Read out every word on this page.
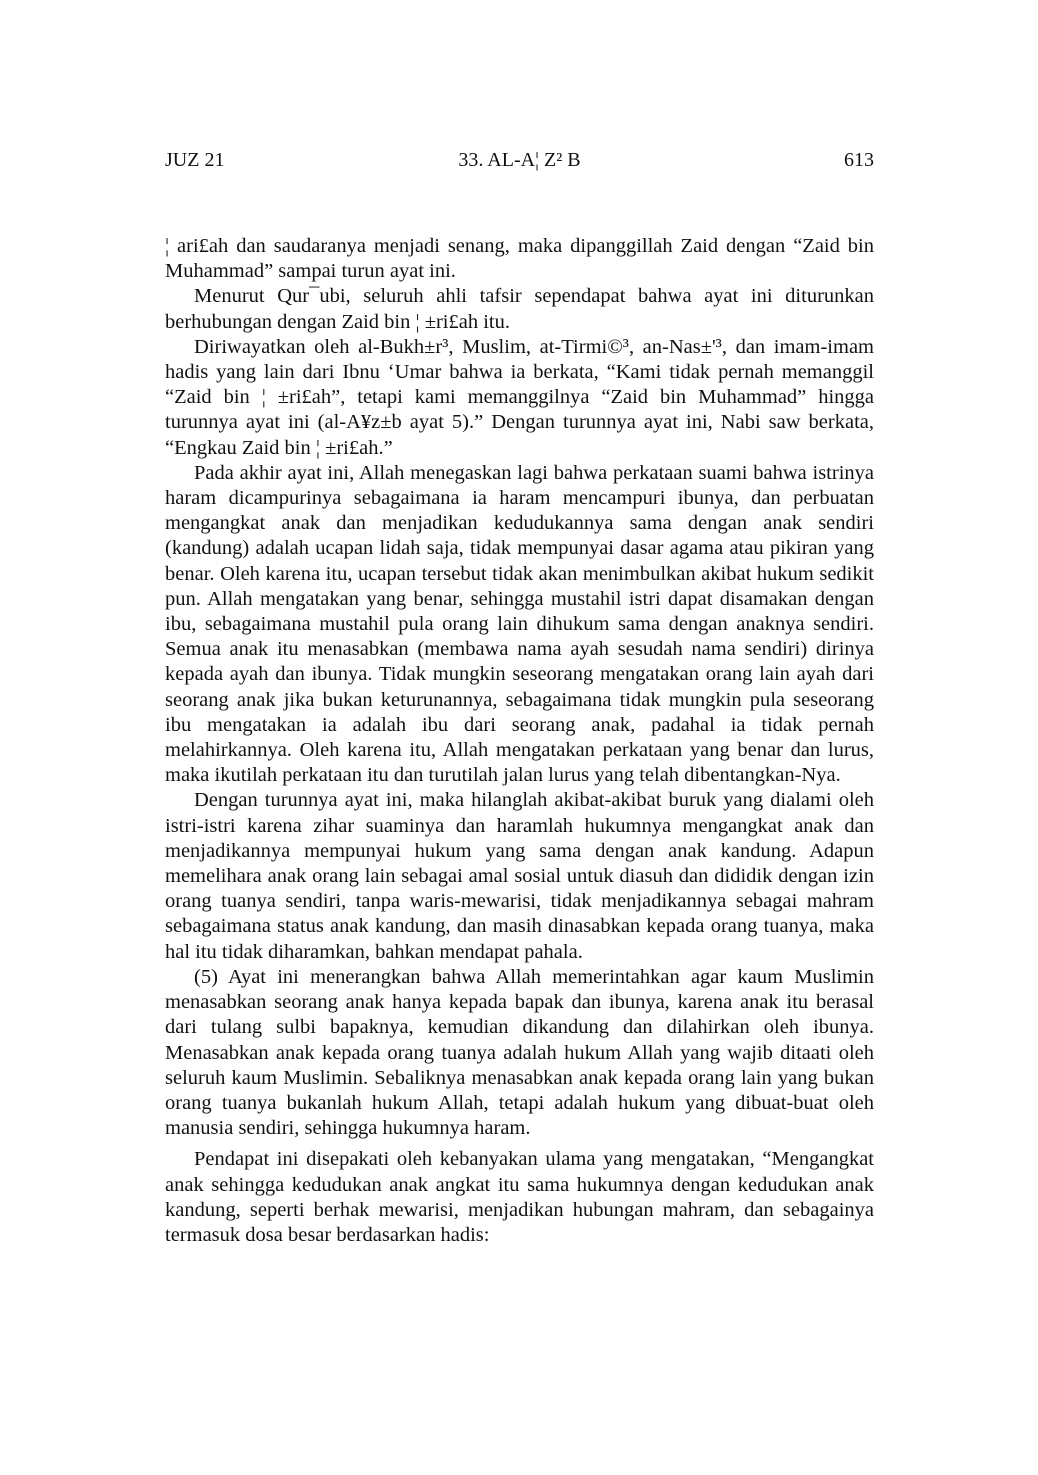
JUZ 21	33. AL-A¦ Z² B	613

¦ ari£ah dan saudaranya menjadi senang, maka dipanggillah Zaid dengan “Zaid bin Muhammad” sampai turun ayat ini.

Menurut Qur¯ubi, seluruh ahli tafsir sependapat bahwa ayat ini diturunkan berhubungan dengan Zaid bin ¦ ±ri£ah itu.

Diriwayatkan oleh al-Bukh±r³, Muslim, at-Tirmi©³, an-Nas±'³, dan imam-imam hadis yang lain dari Ibnu ‘Umar bahwa ia berkata, “Kami tidak pernah memanggil “Zaid bin ¦ ±ri£ah”, tetapi kami memanggilnya “Zaid bin Muhammad” hingga turunnya ayat ini (al-A¥z±b ayat 5).” Dengan turunnya ayat ini, Nabi saw berkata, “Engkau Zaid bin ¦ ±ri£ah.”

Pada akhir ayat ini, Allah menegaskan lagi bahwa perkataan suami bahwa istrinya haram dicampurinya sebagaimana ia haram mencampuri ibunya, dan perbuatan mengangkat anak dan menjadikan kedudukannya sama dengan anak sendiri (kandung) adalah ucapan lidah saja, tidak mempunyai dasar agama atau pikiran yang benar. Oleh karena itu, ucapan tersebut tidak akan menimbulkan akibat hukum sedikit pun. Allah mengatakan yang benar, sehingga mustahil istri dapat disamakan dengan ibu, sebagaimana mustahil pula orang lain dihukum sama dengan anaknya sendiri. Semua anak itu menasabkan (membawa nama ayah sesudah nama sendiri) dirinya kepada ayah dan ibunya. Tidak mungkin seseorang mengatakan orang lain ayah dari seorang anak jika bukan keturunannya, sebagaimana tidak mungkin pula seseorang ibu mengatakan ia adalah ibu dari seorang anak, padahal ia tidak pernah melahirkannya. Oleh karena itu, Allah mengatakan perkataan yang benar dan lurus, maka ikutilah perkataan itu dan turutilah jalan lurus yang telah dibentangkan-Nya.

Dengan turunnya ayat ini, maka hilanglah akibat-akibat buruk yang dialami oleh istri-istri karena zihar suaminya dan haramlah hukumnya mengangkat anak dan menjadikannya mempunyai hukum yang sama dengan anak kandung. Adapun memelihara anak orang lain sebagai amal sosial untuk diasuh dan dididik dengan izin orang tuanya sendiri, tanpa waris-mewarisi, tidak menjadikannya sebagai mahram sebagaimana status anak kandung, dan masih dinasabkan kepada orang tuanya, maka hal itu tidak diharamkan, bahkan mendapat pahala.

(5) Ayat ini menerangkan bahwa Allah memerintahkan agar kaum Muslimin menasabkan seorang anak hanya kepada bapak dan ibunya, karena anak itu berasal dari tulang sulbi bapaknya, kemudian dikandung dan dilahirkan oleh ibunya. Menasabkan anak kepada orang tuanya adalah hukum Allah yang wajib ditaati oleh seluruh kaum Muslimin. Sebaliknya menasabkan anak kepada orang lain yang bukan orang tuanya bukanlah hukum Allah, tetapi adalah hukum yang dibuat-buat oleh manusia sendiri, sehingga hukumnya haram.

Pendapat ini disepakati oleh kebanyakan ulama yang mengatakan, “Mengangkat anak sehingga kedudukan anak angkat itu sama hukumnya dengan kedudukan anak kandung, seperti berhak mewarisi, menjadikan hubungan mahram, dan sebagainya termasuk dosa besar berdasarkan hadis:
